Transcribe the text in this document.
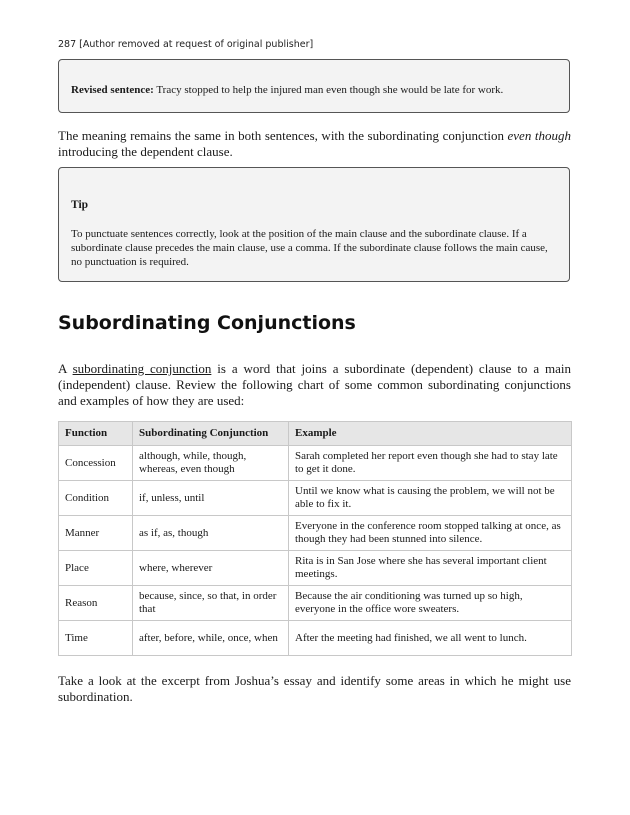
287 [Author removed at request of original publisher]
Revised sentence: Tracy stopped to help the injured man even though she would be late for work.

The meaning remains the same in both sentences, with the subordinating conjunction even though introducing the dependent clause.

Tip
To punctuate sentences correctly, look at the position of the main clause and the subordinate clause. If a subordinate clause precedes the main clause, use a comma. If the subordinate clause follows the main cause, no punctuation is required.
Subordinating Conjunctions

A subordinating conjunction is a word that joins a subordinate (dependent) clause to a main (independent) clause. Review the following chart of some common subordinating conjunctions and examples of how they are used:

Function	Subordinating Conjunction	Example
Concession	although, while, though, whereas, even though	Sarah completed her report even though she had to stay late to get it done.
Condition	if, unless, until	Until we know what is causing the problem, we will not be able to fix it.
Manner	as if, as, though	Everyone in the conference room stopped talking at once, as though they had been stunned into silence.
Place	where, wherever	Rita is in San Jose where she has several important client meetings.
Reason	because, since, so that, in order that	Because the air conditioning was turned up so high, everyone in the office wore sweaters.
Time	after, before, while, once, when	After the meeting had finished, we all went to lunch.

Take a look at the excerpt from Joshua’s essay and identify some areas in which he might use subordination.
